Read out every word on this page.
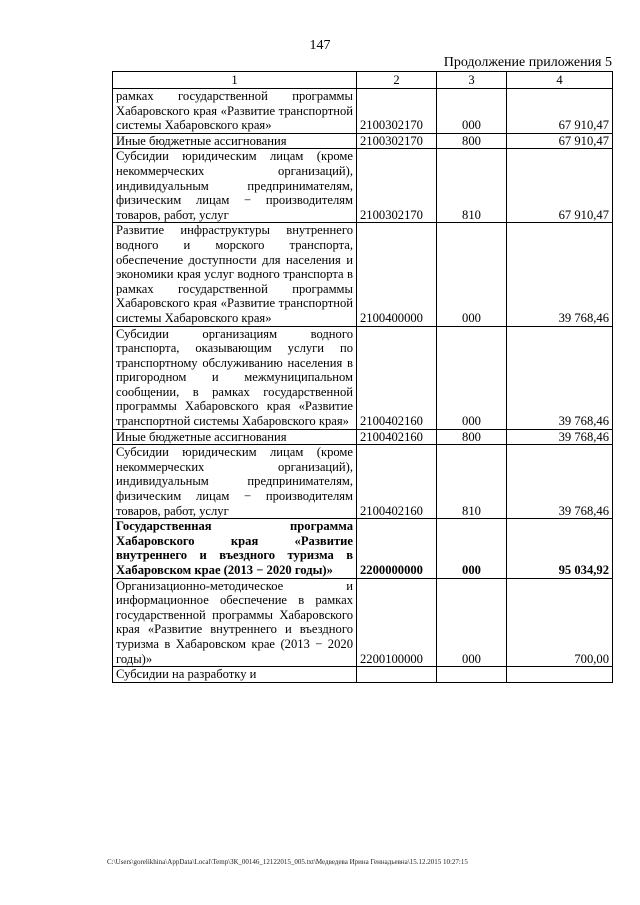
147
Продолжение приложения 5
1	2	3	4
рамках государственной программы Хабаровского края «Развитие транспортной системы Хабаровского края»	2100302170	000	67 910,47
Иные бюджетные ассигнования	2100302170	800	67 910,47
Субсидии юридическим лицам (кроме некоммерческих организаций), индивидуальным предпринимателям, физическим лицам − производителям товаров, работ, услуг	2100302170	810	67 910,47
Развитие инфраструктуры внутреннего водного и морского транспорта, обеспечение доступности для населения и экономики края услуг водного транспорта в рамках государственной программы Хабаровского края «Развитие транспортной системы Хабаровского края»	2100400000	000	39 768,46
Субсидии организациям водного транспорта, оказывающим услуги по транспортному обслуживанию населения в пригородном и межмуниципальном сообщении, в рамках государственной программы Хабаровского края «Развитие транспортной системы Хабаровского края»	2100402160	000	39 768,46
Иные бюджетные ассигнования	2100402160	800	39 768,46
Субсидии юридическим лицам (кроме некоммерческих организаций), индивидуальным предпринимателям, физическим лицам − производителям товаров, работ, услуг	2100402160	810	39 768,46
Государственная программа Хабаровского края «Развитие внутреннего и въездного туризма в Хабаровском крае (2013 − 2020 годы)»	2200000000	000	95 034,92
Организационно-методическое и информационное обеспечение в рамках государственной программы Хабаровского края «Развитие внутреннего и въездного туризма в Хабаровском крае (2013 − 2020 годы)»	2200100000	000	700,00
Субсидии на разработку и			
C:\Users\gorelikhina\AppData\Local\Temp\ЗК_00146_12122015_005.txt\Медведева Ирина Геннадьевна\15.12.2015 10:27:15
